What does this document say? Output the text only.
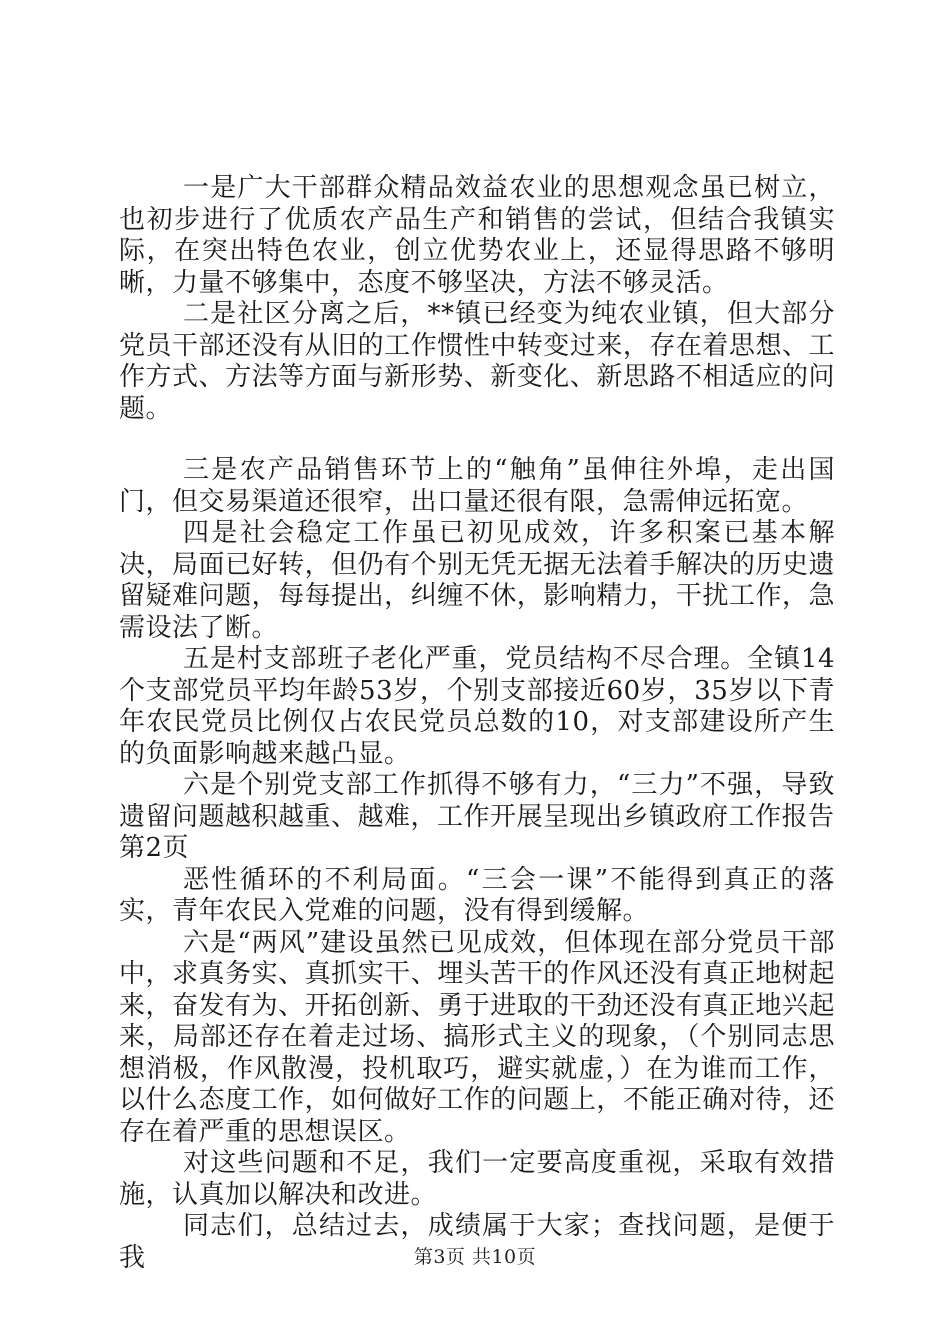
一是广大干部群众精品效益农业的思想观念虽已树立，也初步进行了优质农产品生产和销售的尝试，但结合我镇实际，在突出特色农业，创立优势农业上，还显得思路不够明晰，力量不够集中，态度不够坚决，方法不够灵活。

二是社区分离之后，**镇已经变为纯农业镇，但大部分党员干部还没有从旧的工作惯性中转变过来，存在着思想、工作方式、方法等方面与新形势、新变化、新思路不相适应的问题。

三是农产品销售环节上的“触角”虽伸往外埠，走出国门，但交易渠道还很窄，出口量还很有限，急需伸远拓宽。

四是社会稳定工作虽已初见成效，许多积案已基本解决，局面已好转，但仍有个别无凭无据无法着手解决的历史遗留疑难问题，每每提出，纠缠不休，影响精力，干扰工作，急需设法了断。

五是村支部班子老化严重，党员结构不尽合理。全镇14个支部党员平均年龄53岁，个别支部接近60岁，35岁以下青年农民党员比例仅占农民党员总数的10，对支部建设所产生的负面影响越来越凸显。

六是个别党支部工作抓得不够有力，“三力”不强，导致遗留问题越积越重、越难，工作开展呈现出乡镇政府工作报告
第2页

恶性循环的不利局面。“三会一课”不能得到真正的落实，青年农民入党难的问题，没有得到缓解。

六是“两风”建设虽然已见成效，但体现在部分党员干部中，求真务实、真抓实干、埋头苦干的作风还没有真正地树起来，奋发有为、开拓创新、勇于进取的干劲还没有真正地兴起来，局部还存在着走过场、搞形式主义的现象，（个别同志思想消极，作风散漫，投机取巧，避实就虚，）在为谁而工作，以什么态度工作，如何做好工作的问题上，不能正确对待，还存在着严重的思想误区。

对这些问题和不足，我们一定要高度重视，采取有效措施，认真加以解决和改进。

同志们，总结过去，成绩属于大家；查找问题，是便于我	第3页 共10页
